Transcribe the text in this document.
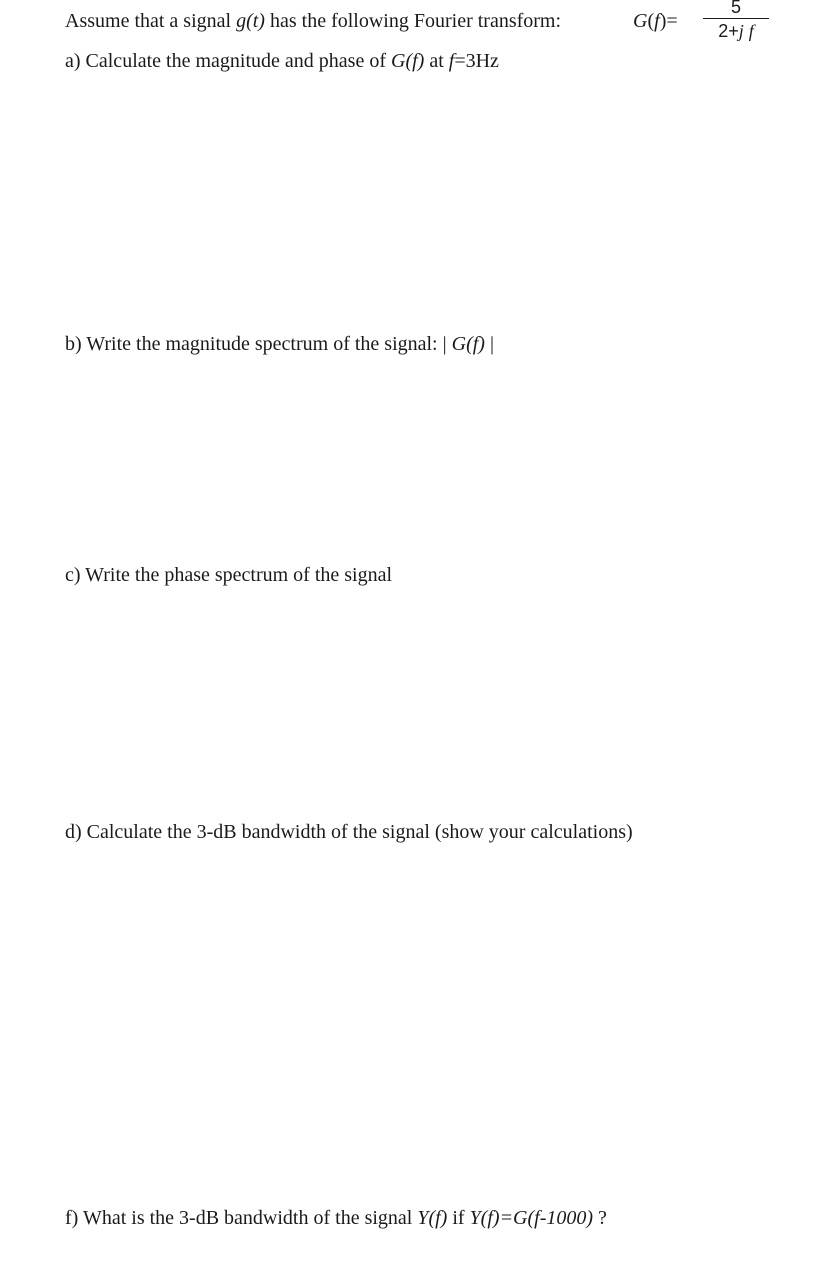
Assume that a signal g(t) has the following Fourier transform:	G(f)=
5
2+j f
a) Calculate the magnitude and phase of G(f) at f=3Hz
b) Write the magnitude spectrum of the signal: | G(f) |
c) Write the phase spectrum of the signal
d) Calculate the 3-dB bandwidth of the signal (show your calculations)
f) What is the 3-dB bandwidth of the signal Y(f) if Y(f)=G(f-1000) ?
